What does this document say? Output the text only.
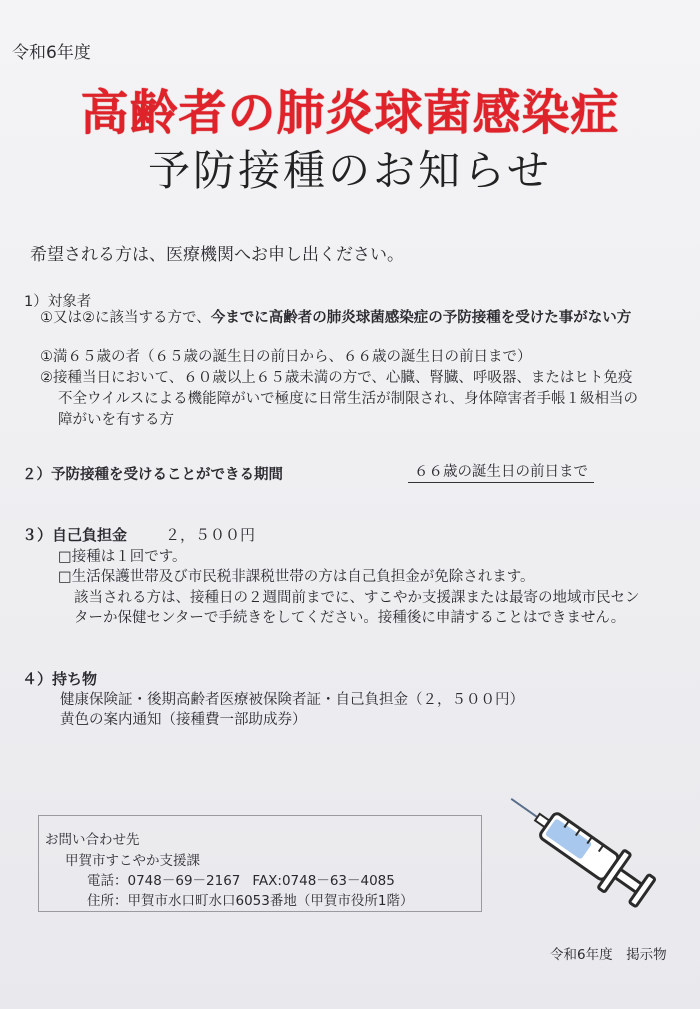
令和6年度
高齢者の肺炎球菌感染症
予防接種のお知らせ
希望される方は、医療機関へお申し出ください。
1）対象者
①又は②に該当する方で、今までに高齢者の肺炎球菌感染症の予防接種を受けた事がない方
①満６５歳の者（６５歳の誕生日の前日から、６６歳の誕生日の前日まで）
②接種当日において、６０歳以上６５歳未満の方で、心臓、腎臓、呼吸器、またはヒト免疫
不全ウイルスによる機能障がいで極度に日常生活が制限され、身体障害者手帳１級相当の
障がいを有する方
２）予防接種を受けることができる期間	６６歳の誕生日の前日まで
３）自己負担金	２，５００円
□接種は１回です。
□生活保護世帯及び市民税非課税世帯の方は自己負担金が免除されます。
該当される方は、接種日の２週間前までに、すこやか支援課または最寄の地域市民セン
ターか保健センターで手続きをしてください。接種後に申請することはできません。
４）持ち物
健康保険証・後期高齢者医療被保険者証・自己負担金（２，５００円）
黄色の案内通知（接種費一部助成券）
お問い合わせ先
甲賀市すこやか支援課
電話：0748－69－2167 FAX:0748－63－4085
住所：甲賀市水口町水口6053番地（甲賀市役所1階）
令和6年度　掲示物
